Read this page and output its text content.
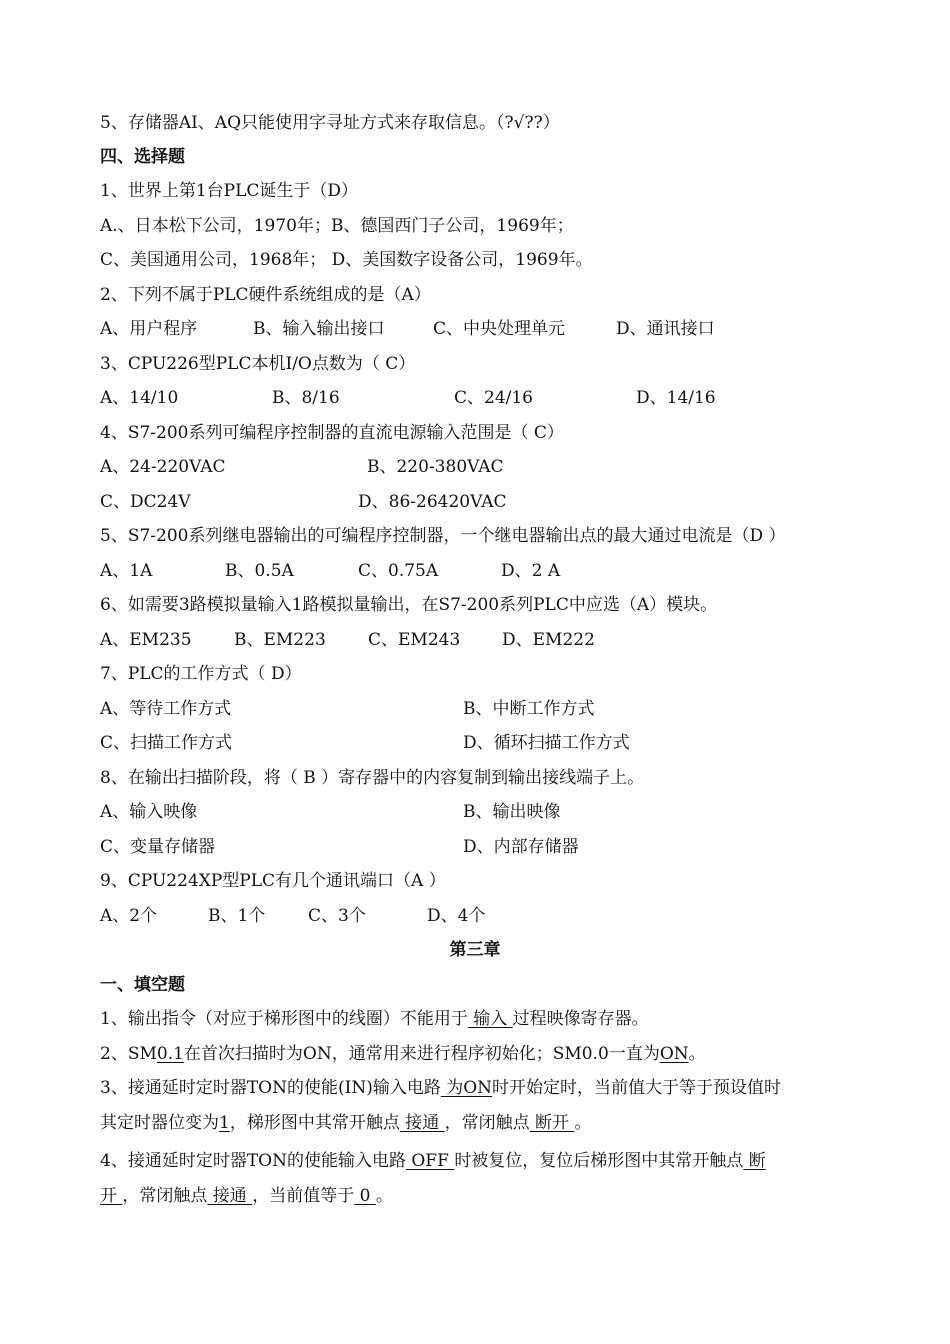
5、存储器AI、AQ只能使用字寻址方式来存取信息。（?√??）
四、选择题
1、世界上第1台PLC诞生于（D）
A.、日本松下公司，1970年；B、德国西门子公司，1969年；
C、美国通用公司，1968年； D、美国数字设备公司，1969年。
2、下列不属于PLC硬件系统组成的是（A）
A、用户程序	B、输入输出接口	C、中央处理单元	D、通讯接口
3、CPU226型PLC本机I/O点数为（ C）
A、14/10	B、8/16	C、24/16	D、14/16
4、S7-200系列可编程序控制器的直流电源输入范围是（ C）
A、24-220VAC	B、220-380VAC
C、DC24V	D、86-26420VAC
5、S7-200系列继电器输出的可编程序控制器，一个继电器输出点的最大通过电流是（D ）
A、1A	B、0.5A	C、0.75A	D、2 A
6、如需要3路模拟量输入1路模拟量输出，在S7-200系列PLC中应选（A）模块。
A、EM235 B、EM223 C、EM243 D、EM222
7、PLC的工作方式（ D）
A、等待工作方式	B、中断工作方式
C、扫描工作方式	D、循环扫描工作方式
8、在输出扫描阶段，将（ B ）寄存器中的内容复制到输出接线端子上。
A、输入映像	B、输出映像
C、变量存储器	D、内部存储器
9、CPU224XP型PLC有几个通讯端口（A ）
A、2个	B、1个	C、3个	D、4个
第三章
一、填空题
1、输出指令（对应于梯形图中的线圈）不能用于 输入 过程映像寄存器。
2、SM0.1在首次扫描时为ON，通常用来进行程序初始化；SM0.0一直为ON。
3、接通延时定时器TON的使能(IN)输入电路 为ON时开始定时，当前值大于等于预设值时
其定时器位变为1，梯形图中其常开触点 接通 ，常闭触点 断开 。
4、接通延时定时器TON的使能输入电路 OFF 时被复位，复位后梯形图中其常开触点 断
开 ，常闭触点 接通 ，当前值等于 0 。
